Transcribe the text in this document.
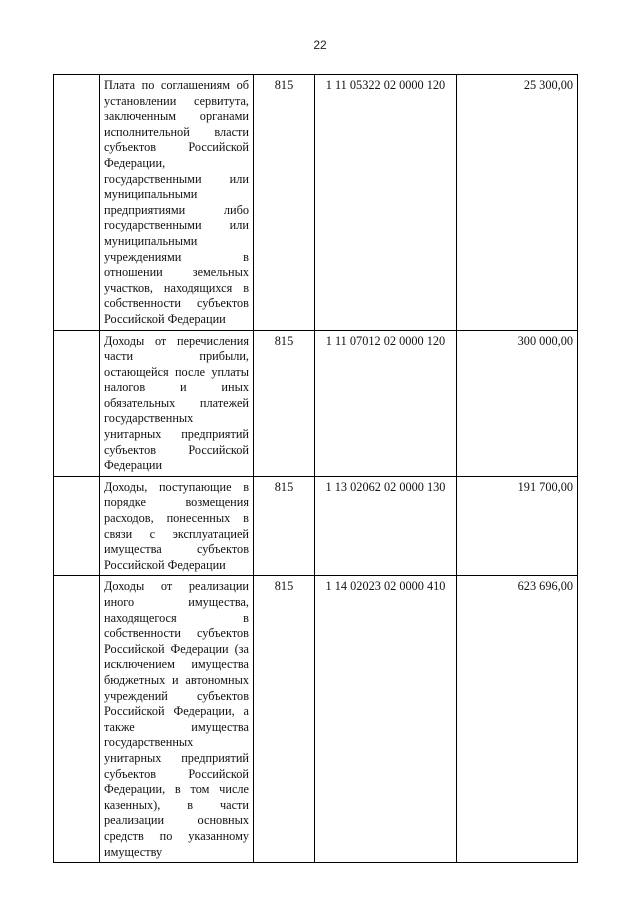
22
	Плата по соглашениям об установлении сервитута, заключенным органами исполнительной власти субъектов Российской Федерации, государственными или муниципальными предприятиями либо государственными или муниципальными учреждениями в отношении земельных участков, находящихся в собственности субъектов Российской Федерации	815	1 11 05322 02 0000 120	25 300,00
	Доходы от перечисления части прибыли, остающейся после уплаты налогов и иных обязательных платежей государственных унитарных предприятий субъектов Российской Федерации	815	1 11 07012 02 0000 120	300 000,00
	Доходы, поступающие в порядке возмещения расходов, понесенных в связи с эксплуатацией имущества субъектов Российской Федерации	815	1 13 02062 02 0000 130	191 700,00
	Доходы от реализации иного имущества, находящегося в собственности субъектов Российской Федерации (за исключением имущества бюджетных и автономных учреждений субъектов Российской Федерации, а также имущества государственных унитарных предприятий субъектов Российской Федерации, в том числе казенных), в части реализации основных средств по указанному имуществу	815	1 14 02023 02 0000 410	623 696,00
